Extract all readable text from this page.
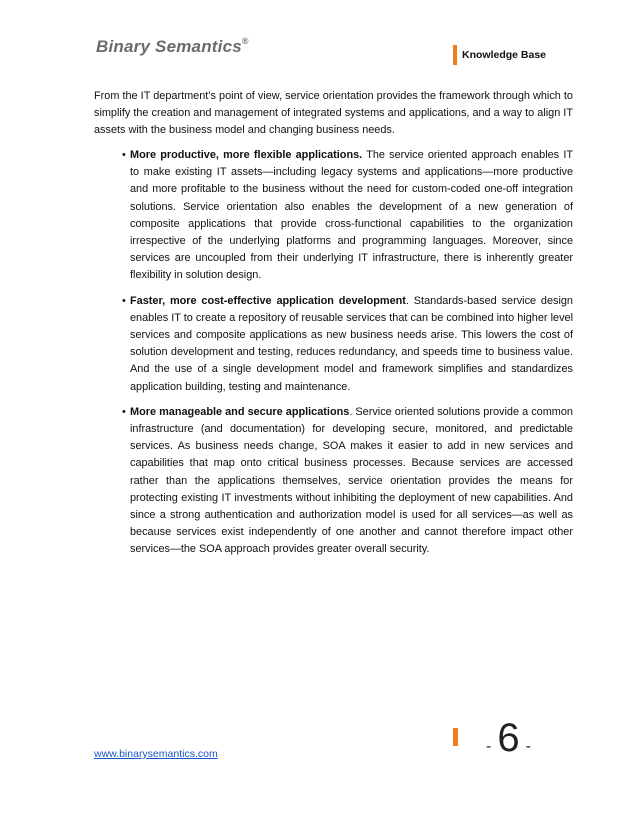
Binary Semantics®
Knowledge Base

From the IT department’s point of view, service orientation provides the framework through which to simplify the creation and management of integrated systems and applications, and a way to align IT assets with the business model and changing business needs.

• More productive, more flexible applications. The service oriented approach enables IT to make existing IT assets—including legacy systems and applications—more productive and more profitable to the business without the need for custom-coded one-off integration solutions. Service orientation also enables the development of a new generation of composite applications that provide cross-functional capabilities to the organization irrespective of the underlying platforms and programming languages. Moreover, since services are uncoupled from their underlying IT infrastructure, there is inherently greater flexibility in solution design.
• Faster, more cost-effective application development. Standards-based service design enables IT to create a repository of reusable services that can be combined into higher level services and composite applications as new business needs arise. This lowers the cost of solution development and testing, reduces redundancy, and speeds time to business value. And the use of a single development model and framework simplifies and standardizes application building, testing and maintenance.
• More manageable and secure applications. Service oriented solutions provide a common infrastructure (and documentation) for developing secure, monitored, and predictable services. As business needs change, SOA makes it easier to add in new services and capabilities that map onto critical business processes. Because services are accessed rather than the applications themselves, service orientation provides the means for protecting existing IT investments without inhibiting the deployment of new capabilities. And since a strong authentication and authorization model is used for all services—as well as because services exist independently of one another and cannot therefore impact other services—the SOA approach provides greater overall security.
www.binarysemantics.com	- 6 -
